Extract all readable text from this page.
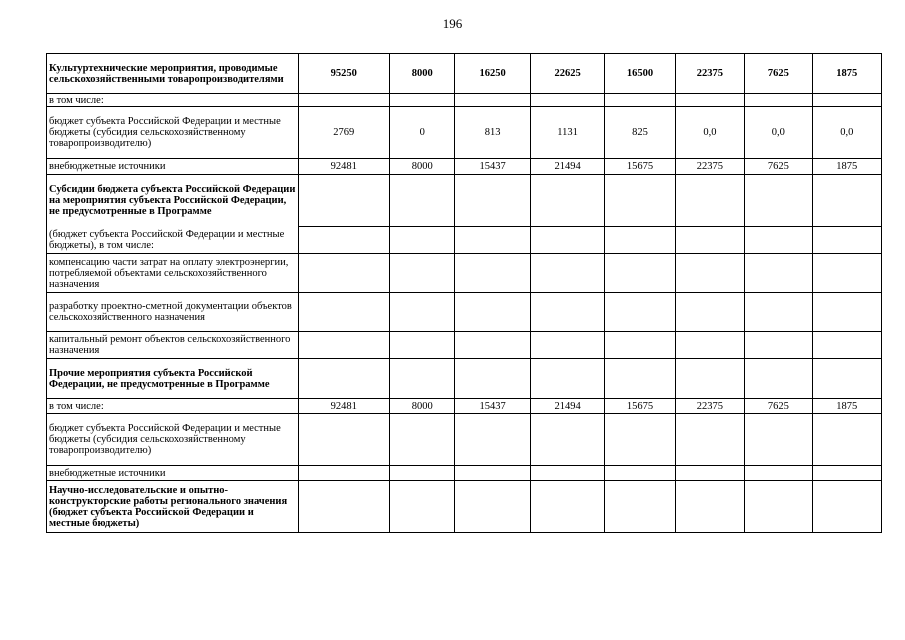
196
Культуртехнические мероприятия, проводимые сельскохозяйственными товаропроизводителями	95250	8000	16250	22625	16500	22375	7625	1875
в том числе:								
бюджет субъекта Российской Федерации и местные бюджеты (субсидия сельскохозяйственному товаропроизводителю)	2769	0	813	1131	825	0,0	0,0	0,0
внебюджетные источники	92481	8000	15437	21494	15675	22375	7625	1875
Субсидии бюджета субъекта Российской Федерации на мероприятия субъекта Российской Федерации, не предусмотренные в Программе								
(бюджет субъекта Российской Федерации и местные бюджеты), в том числе:								
компенсацию части затрат на оплату электроэнергии, потребляемой объектами сельскохозяйственного назначения								
разработку проектно-сметной документации объектов сельскохозяйственного назначения								
капитальный ремонт объектов сельскохозяйственного назначения								
Прочие мероприятия субъекта Российской Федерации, не предусмотренные в Программе								
в том числе:	92481	8000	15437	21494	15675	22375	7625	1875
бюджет субъекта Российской Федерации и местные бюджеты (субсидия сельскохозяйственному товаропроизводителю)								
внебюджетные источники								
Научно-исследовательские и опытно-конструкторские работы регионального значения (бюджет субъекта Российской Федерации и местные бюджеты)								
